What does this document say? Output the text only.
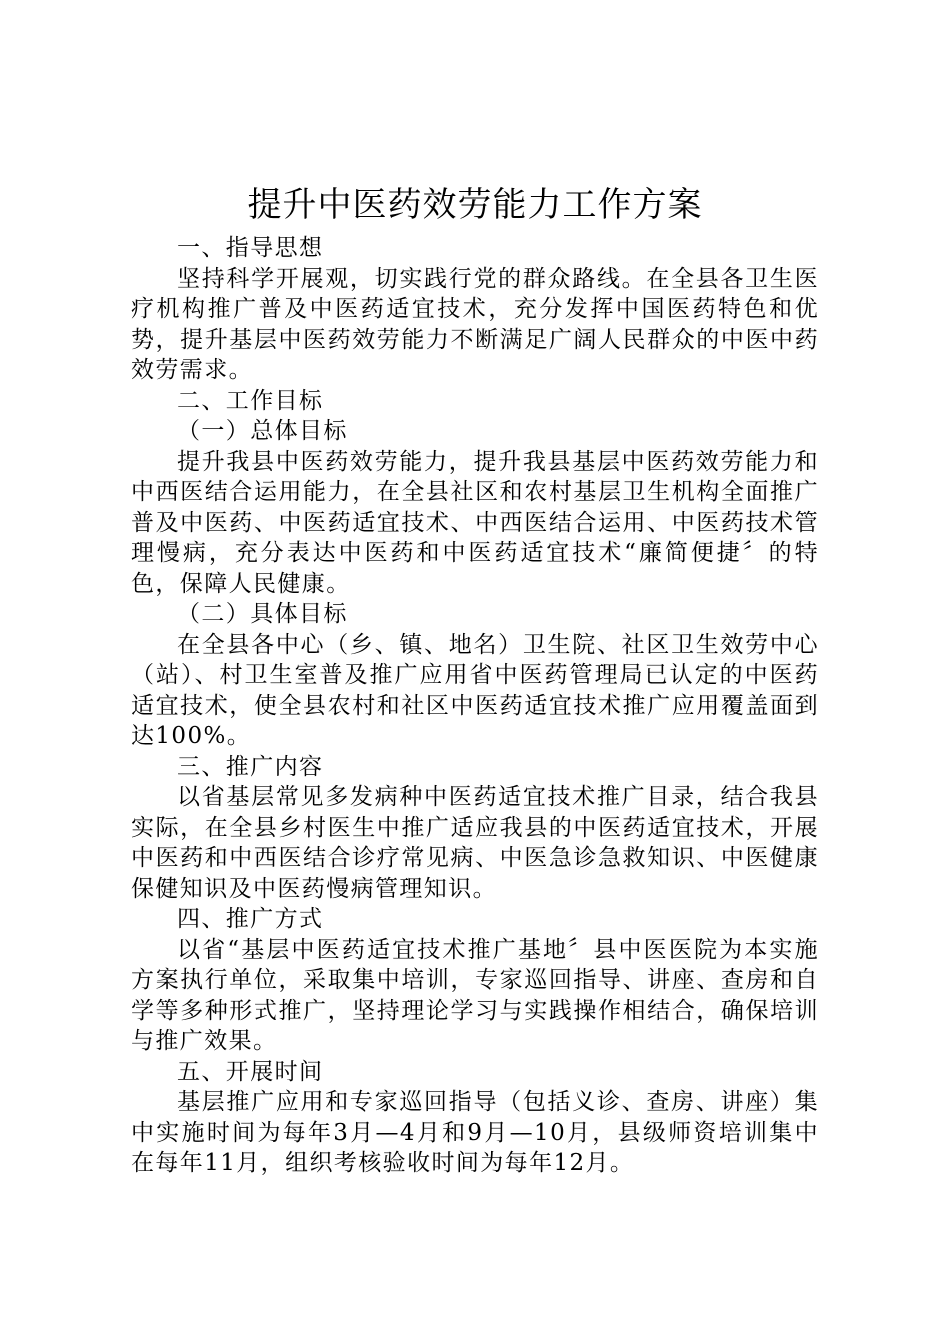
提升中医药效劳能力工作方案

一、指导思想

坚持科学开展观，切实践行党的群众路线。在全县各卫生医疗机构推广普及中医药适宜技术，充分发挥中国医药特色和优势，提升基层中医药效劳能力不断满足广阔人民群众的中医中药效劳需求。

二、工作目标

（一）总体目标

提升我县中医药效劳能力，提升我县基层中医药效劳能力和中西医结合运用能力，在全县社区和农村基层卫生机构全面推广普及中医药、中医药适宜技术、中西医结合运用、中医药技术管理慢病，充分表达中医药和中医药适宜技术“廉简便捷〞的特色，保障人民健康。

（二）具体目标

在全县各中心（乡、镇、地名）卫生院、社区卫生效劳中心（站）、村卫生室普及推广应用省中医药管理局已认定的中医药适宜技术，使全县农村和社区中医药适宜技术推广应用覆盖面到达100%。

三、推广内容

以省基层常见多发病种中医药适宜技术推广目录，结合我县实际，在全县乡村医生中推广适应我县的中医药适宜技术，开展中医药和中西医结合诊疗常见病、中医急诊急救知识、中医健康保健知识及中医药慢病管理知识。

四、推广方式

以省“基层中医药适宜技术推广基地〞县中医医院为本实施方案执行单位，采取集中培训，专家巡回指导、讲座、查房和自学等多种形式推广，坚持理论学习与实践操作相结合，确保培训与推广效果。

五、开展时间

基层推广应用和专家巡回指导（包括义诊、查房、讲座）集中实施时间为每年3月—4月和9月—10月，县级师资培训集中在每年11月，组织考核验收时间为每年12月。
